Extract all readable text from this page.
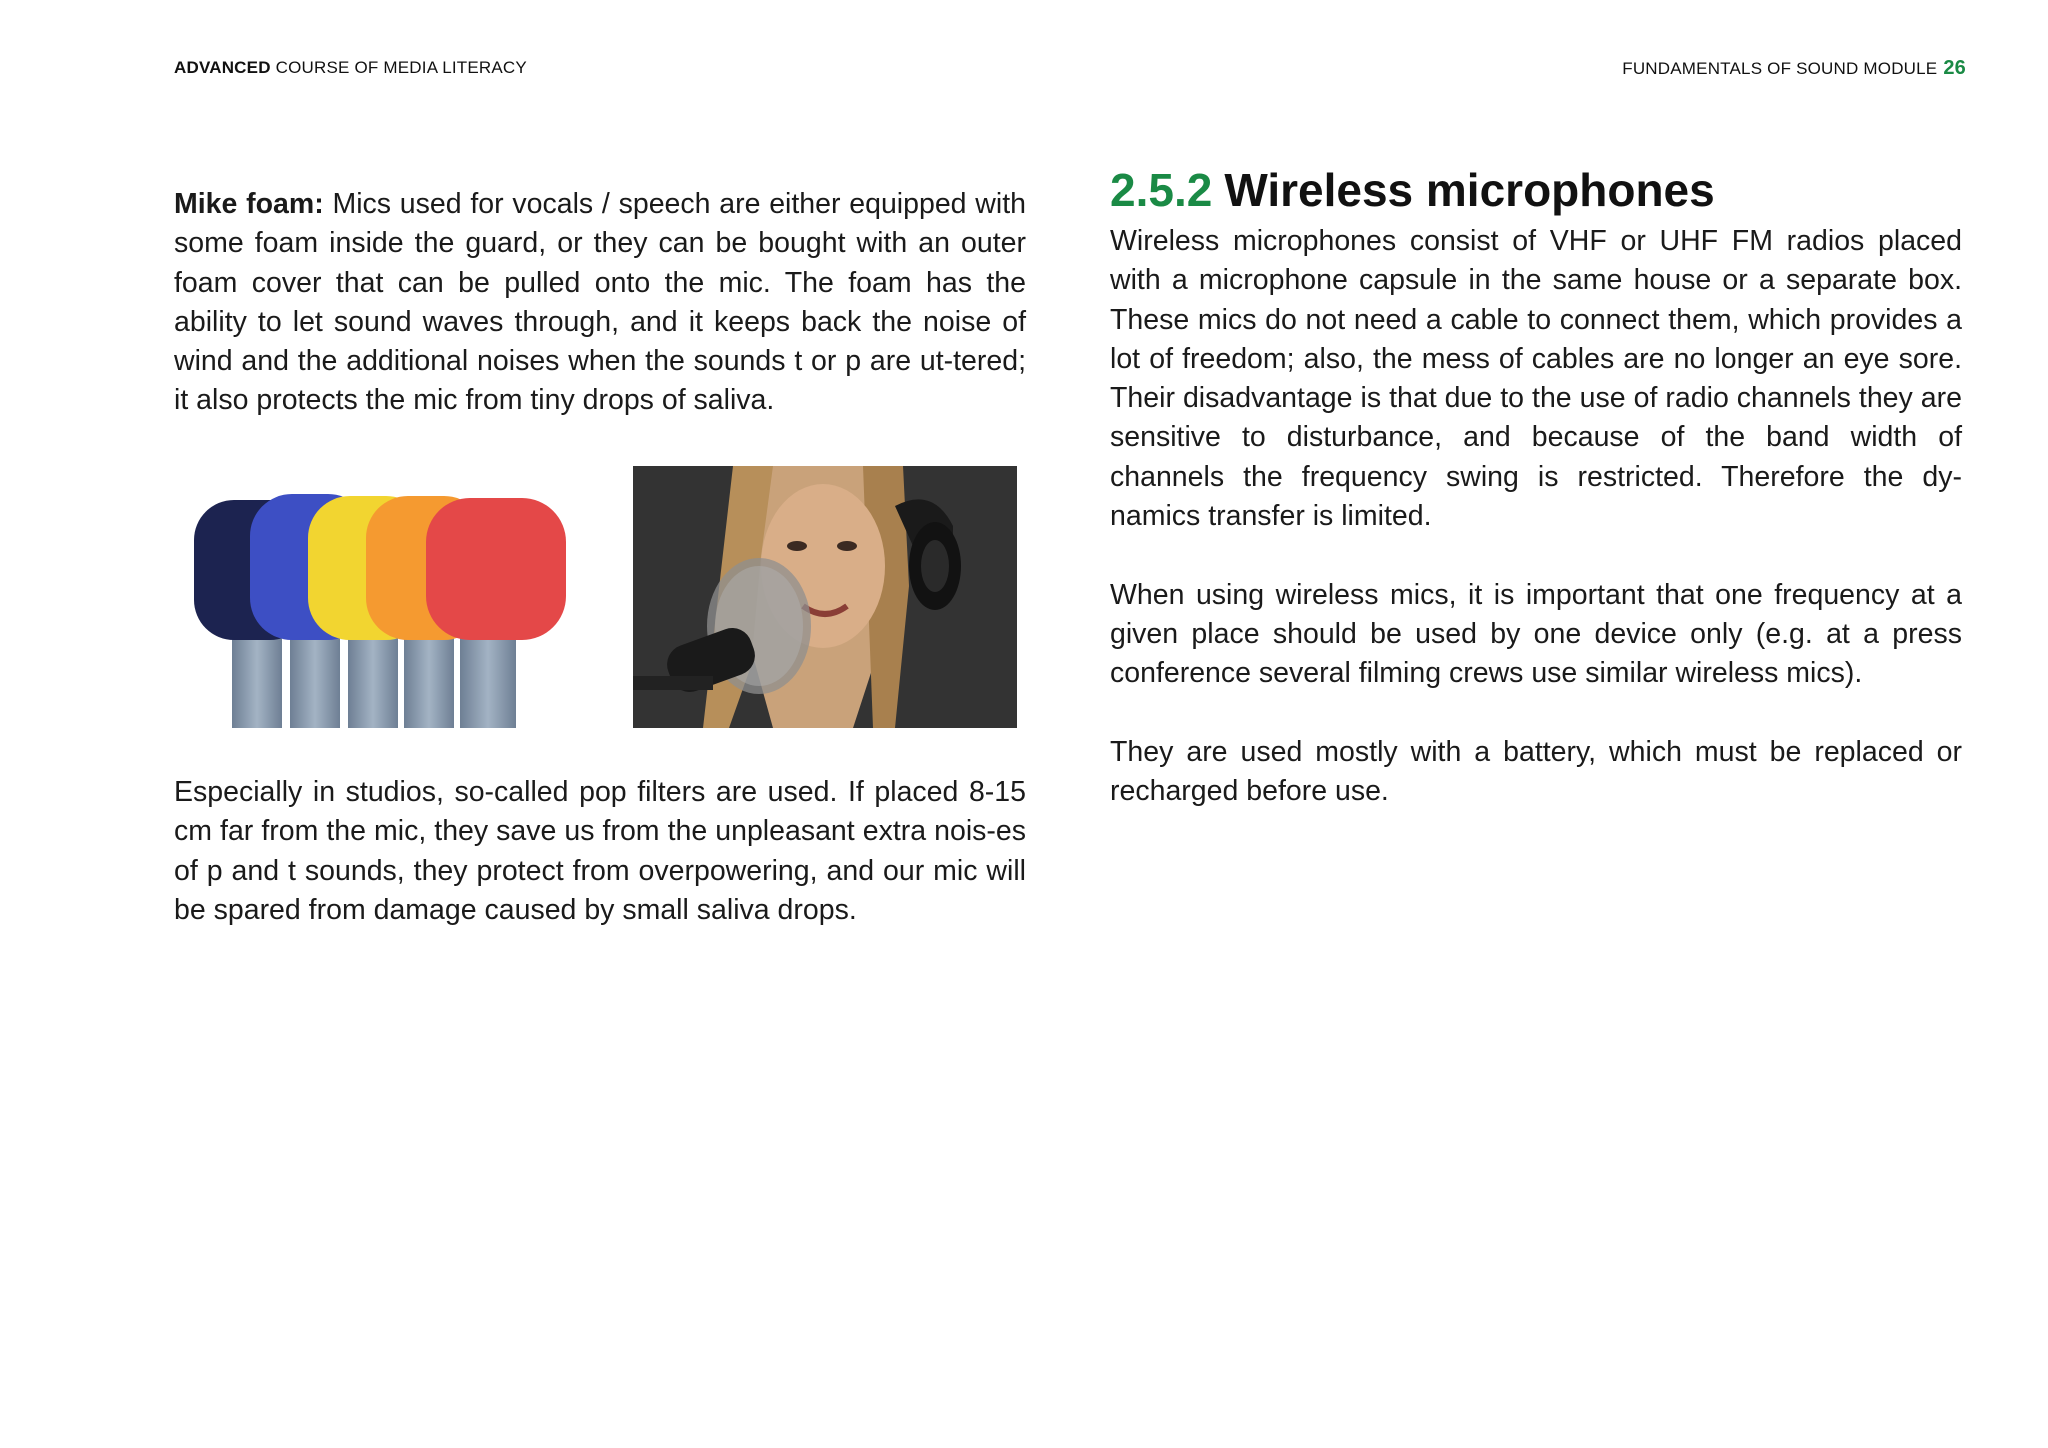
ADVANCED COURSE OF MEDIA LITERACY	FUNDAMENTALS OF SOUND MODULE 26

Mike foam: Mics used for vocals / speech are either equipped with some foam inside the guard, or they can be bought with an outer foam cover that can be pulled onto the mic. The foam has the ability to let sound waves through, and it keeps back the noise of wind and the additional noises when the sounds t or p are ut-tered; it also protects the mic from tiny drops of saliva.

Especially in studios, so-called pop filters are used. If placed 8-15 cm far from the mic, they save us from the unpleasant extra nois-es of p and t sounds, they protect from overpowering, and our mic will be spared from damage caused by small saliva drops.

2.5.2 Wireless microphones

Wireless microphones consist of VHF or UHF FM radios placed with a microphone capsule in the same house or a separate box. These mics do not need a cable to connect them, which provides a lot of freedom; also, the mess of cables are no longer an eye sore. Their disadvantage is that due to the use of radio channels they are sensitive to disturbance, and because of the band width of channels the frequency swing is restricted. Therefore the dy-namics transfer is limited.

When using wireless mics, it is important that one frequency at a given place should be used by one device only (e.g. at a press conference several filming crews use similar wireless mics).

They are used mostly with a battery, which must be replaced or recharged before use.
